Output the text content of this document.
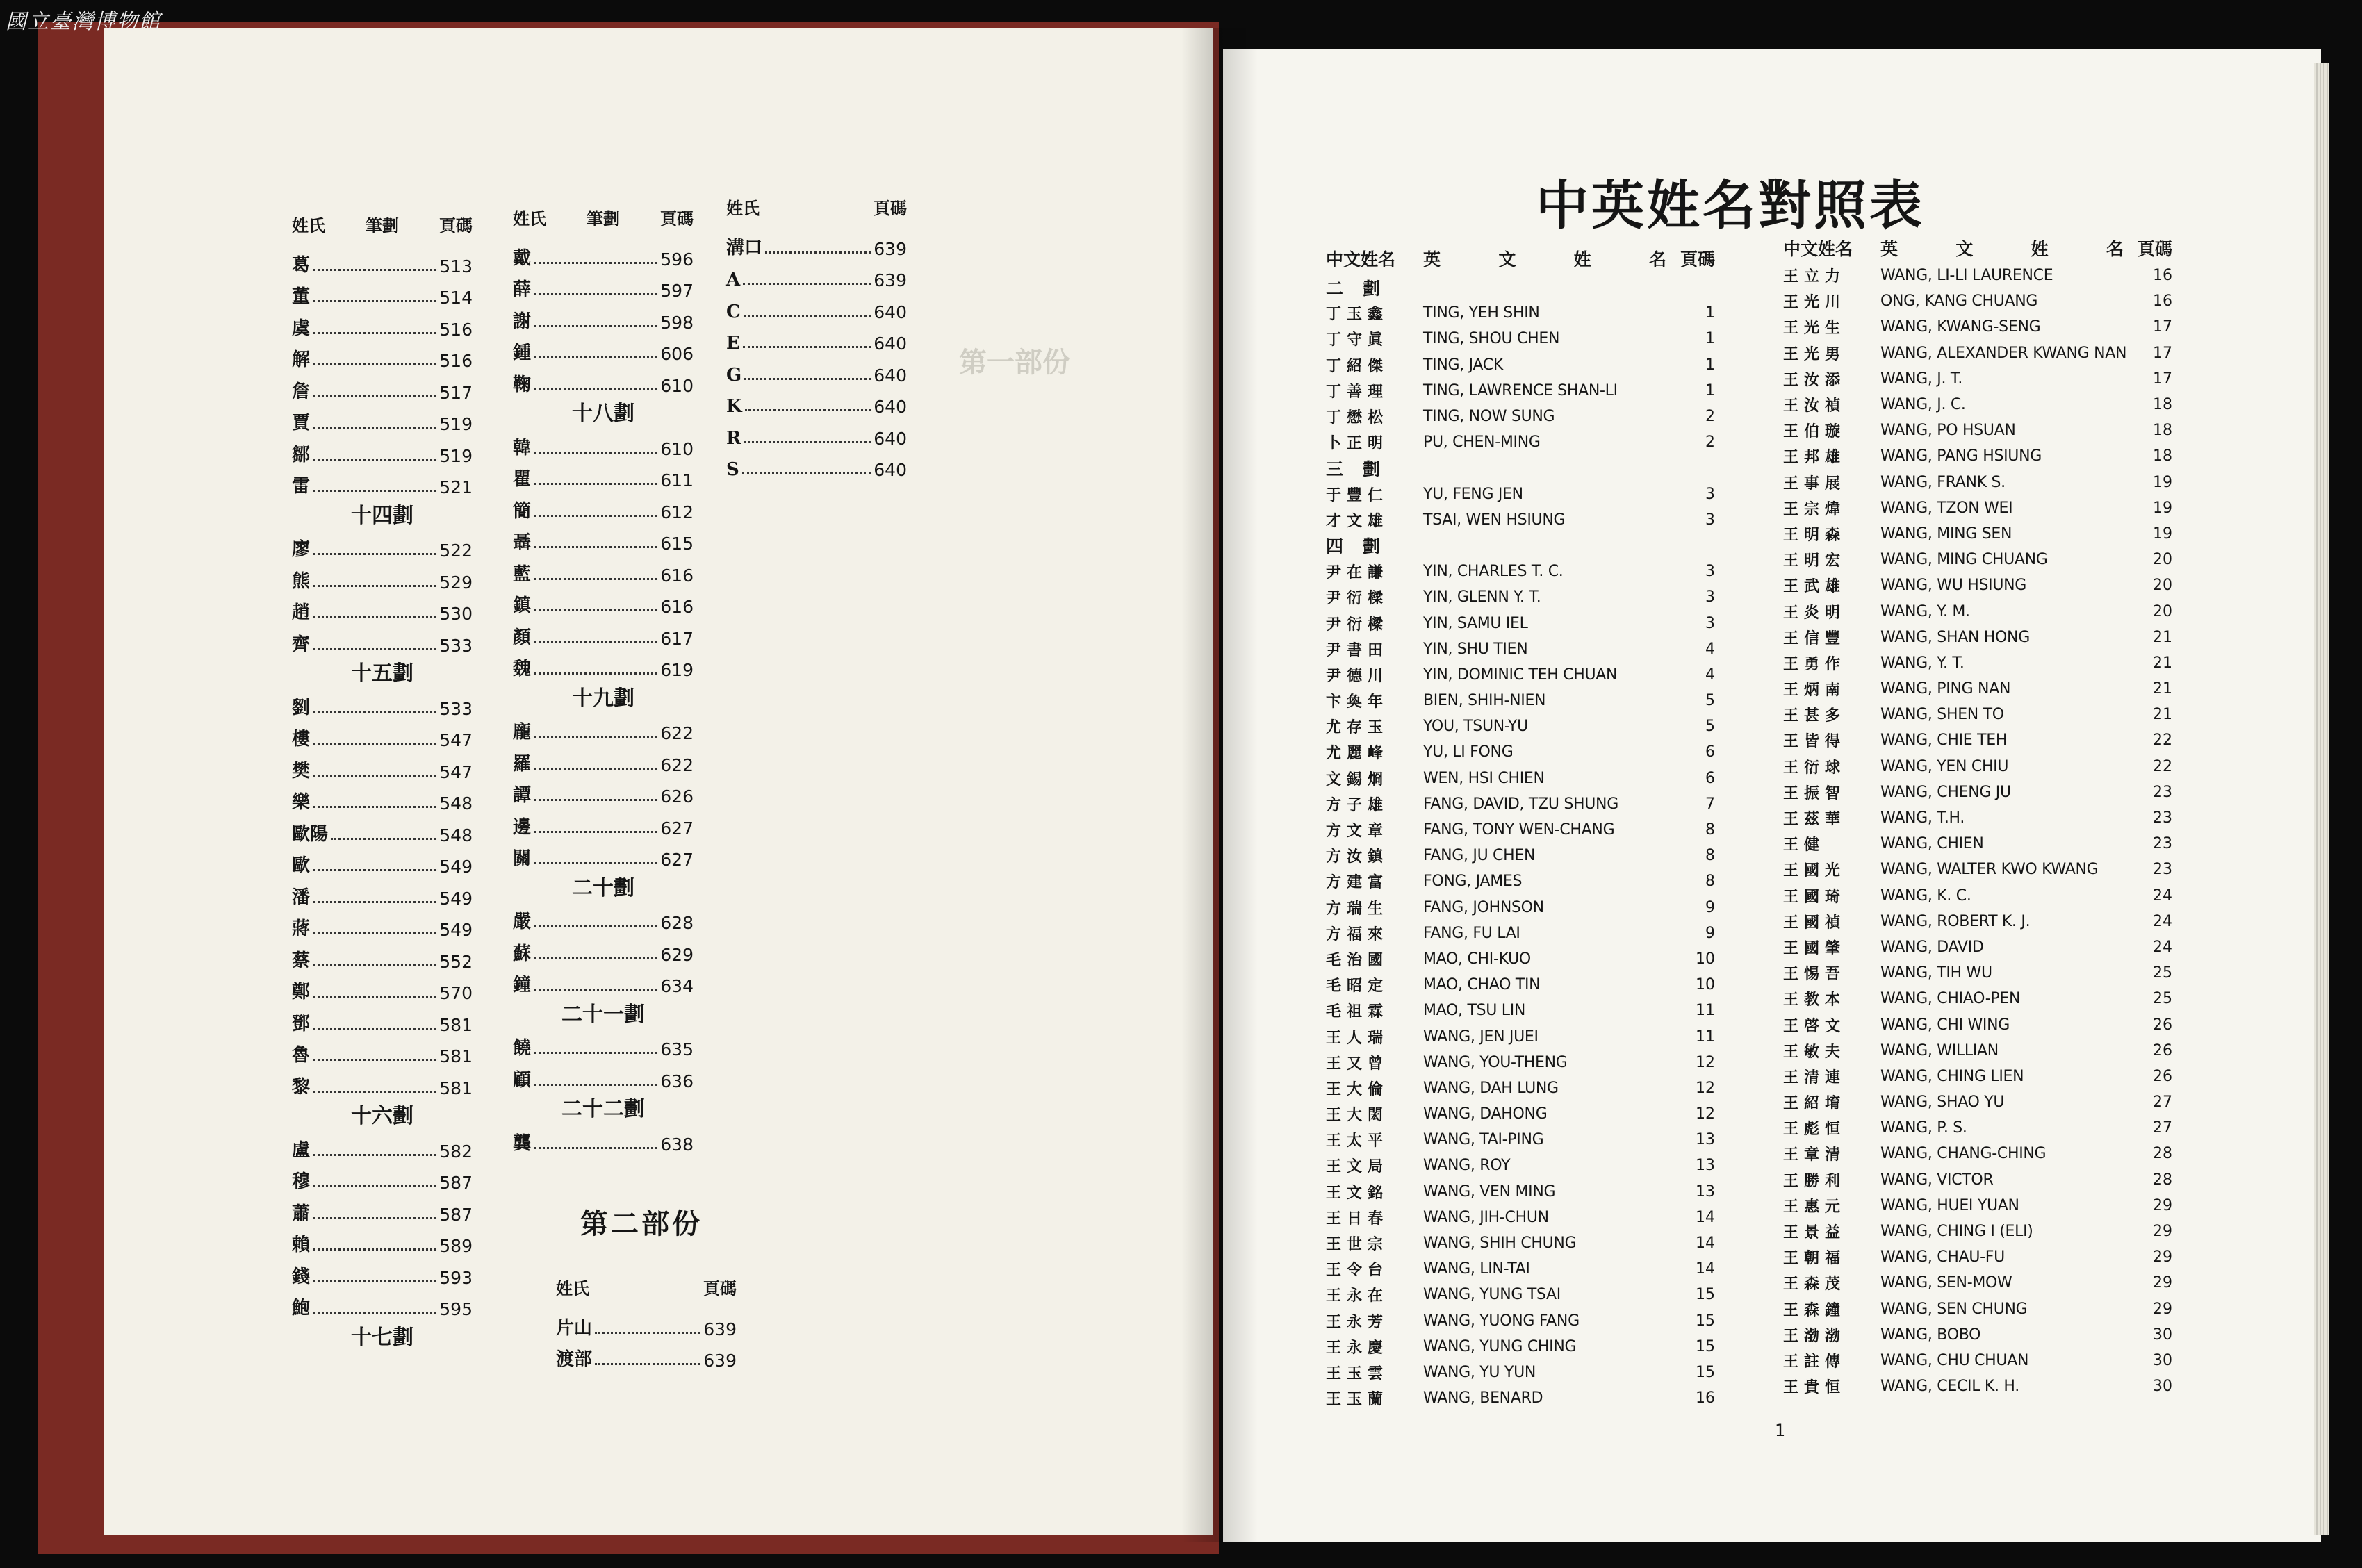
第一部份
國立臺灣博物館
姓氏 筆劃 頁碼
葛	513
董	514
虞	516
解	516
詹	517
賈	519
鄒	519
雷	521
十四劃
廖	522
熊	529
趙	530
齊	533
十五劃
劉	533
樓	547
樊	547
樂	548
歐陽	548
歐	549
潘	549
蔣	549
蔡	552
鄭	570
鄧	581
魯	581
黎	581
十六劃
盧	582
穆	587
蕭	587
賴	589
錢	593
鮑	595
十七劃
姓氏 筆劃 頁碼
戴	596
薛	597
謝	598
鍾	606
鞠	610
十八劃
韓	610
瞿	611
簡	612
聶	615
藍	616
鎮	616
顏	617
魏	619
十九劃
龐	622
羅	622
譚	626
邊	627
關	627
二十劃
嚴	628
蘇	629
鐘	634
二十一劃
饒	635
顧	636
二十二劃
龔	638
姓氏	頁碼
溝口	639
A	639
C	640
E	640
G	640
K	640
R	640
S	640
第二部份
姓氏	頁碼
片山	639
渡部	639
中英姓名對照表
中文姓名	英	文	姓	名 頁碼
中文姓名	英	文	姓	名 頁碼
二劃
丁玉鑫	TING, YEH SHIN	1
丁守眞	TING, SHOU CHEN	1
丁紹傑	TING, JACK	1
丁善理	TING, LAWRENCE SHAN-LI	1
丁懋松	TING, NOW SUNG	2
卜正明	PU, CHEN-MING	2
三劃
于豐仁	YU, FENG JEN	3
才文雄	TSAI, WEN HSIUNG	3
四劃
尹在謙	YIN, CHARLES T. C.	3
尹衍樑	YIN, GLENN Y. T.	3
尹衍樑	YIN, SAMU IEL	3
尹書田	YIN, SHU TIEN	4
尹德川	YIN, DOMINIC TEH CHUAN	4
卞奐年	BIEN, SHIH-NIEN	5
尤存玉	YOU, TSUN-YU	5
尤麗峰	YU, LI FONG	6
文錫烱	WEN, HSI CHIEN	6
方子雄	FANG, DAVID, TZU SHUNG	7
方文章	FANG, TONY WEN-CHANG	8
方汝鎮	FANG, JU CHEN	8
方建富	FONG, JAMES	8
方瑞生	FANG, JOHNSON	9
方福來	FANG, FU LAI	9
毛治國	MAO, CHI-KUO	10
毛昭定	MAO, CHAO TIN	10
毛祖霖	MAO, TSU LIN	11
王人瑞	WANG, JEN JUEI	11
王又曾	WANG, YOU-THENG	12
王大倫	WANG, DAH LUNG	12
王大閎	WANG, DAHONG	12
王太平	WANG, TAI-PING	13
王文局	WANG, ROY	13
王文銘	WANG, VEN MING	13
王日春	WANG, JIH-CHUN	14
王世宗	WANG, SHIH CHUNG	14
王令台	WANG, LIN-TAI	14
王永在	WANG, YUNG TSAI	15
王永芳	WANG, YUONG FANG	15
王永慶	WANG, YUNG CHING	15
王玉雲	WANG, YU YUN	15
王玉蘭	WANG, BENARD	16
王立力	WANG, LI-LI LAURENCE	16
王光川	ONG, KANG CHUANG	16
王光生	WANG, KWANG-SENG	17
王光男	WANG, ALEXANDER KWANG NAN	17
王汝添	WANG, J. T.	17
王汝禎	WANG, J. C.	18
王伯璇	WANG, PO HSUAN	18
王邦雄	WANG, PANG HSIUNG	18
王事展	WANG, FRANK S.	19
王宗煒	WANG, TZON WEI	19
王明森	WANG, MING SEN	19
王明宏	WANG, MING CHUANG	20
王武雄	WANG, WU HSIUNG	20
王炎明	WANG, Y. M.	20
王信豐	WANG, SHAN HONG	21
王勇作	WANG, Y. T.	21
王炳南	WANG, PING NAN	21
王甚多	WANG, SHEN TO	21
王皆得	WANG, CHIE TEH	22
王衍球	WANG, YEN CHIU	22
王振智	WANG, CHENG JU	23
王茲華	WANG, T.H.	23
王健	WANG, CHIEN	23
王國光	WANG, WALTER KWO KWANG	23
王國琦	WANG, K. C.	24
王國禎	WANG, ROBERT K. J.	24
王國肇	WANG, DAVID	24
王惕吾	WANG, TIH WU	25
王教本	WANG, CHIAO-PEN	25
王啓文	WANG, CHI WING	26
王敏夫	WANG, WILLIAN	26
王清連	WANG, CHING LIEN	26
王紹堉	WANG, SHAO YU	27
王彪恒	WANG, P. S.	27
王章清	WANG, CHANG-CHING	28
王勝利	WANG, VICTOR	28
王惠元	WANG, HUEI YUAN	29
王景益	WANG, CHING I (ELI)	29
王朝福	WANG, CHAU-FU	29
王森茂	WANG, SEN-MOW	29
王森鐘	WANG, SEN CHUNG	29
王渤渤	WANG, BOBO	30
王註傳	WANG, CHU CHUAN	30
王貴恒	WANG, CECIL K. H.	30
1
